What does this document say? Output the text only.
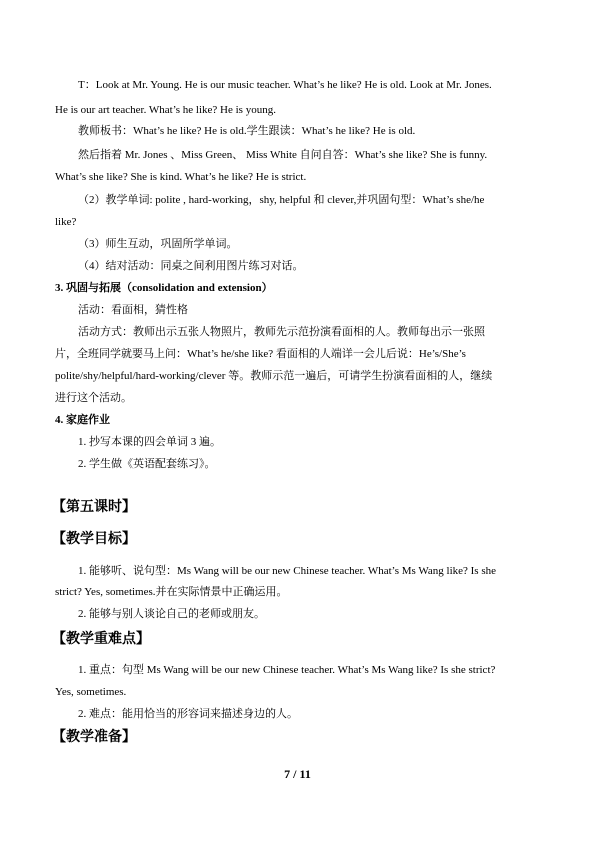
T：Look at Mr. Young. He is our music teacher. What’s he like? He is old. Look at Mr. Jones.
He is our art teacher. What’s he like? He is young.
教师板书：What’s he like? He is old.学生跟读：What’s he like? He is old.
然后指着 Mr. Jones 、Miss Green、 Miss White 自问自答：What’s she like? She is funny.
What’s she like? She is kind. What’s he like? He is strict.
（2）教学单词: polite , hard-working，shy, helpful 和 clever,并巩固句型：What’s she/he
like?
（3）师生互动，巩固所学单词。
（4）结对活动：同桌之间利用图片练习对话。
3. 巩固与拓展（consolidation and extension）
活动：看面相，猜性格
活动方式：教师出示五张人物照片，教师先示范扮演看面相的人。教师每出示一张照
片，全班同学就要马上问：What’s he/she like? 看面相的人端详一会儿后说：He’s/She’s
polite/shy/helpful/hard-working/clever 等。教师示范一遍后，可请学生扮演看面相的人，继续
进行这个活动。
4. 家庭作业
1. 抄写本课的四会单词 3 遍。
2. 学生做《英语配套练习》。
【第五课时】
【教学目标】
1. 能够听、说句型：Ms Wang will be our new Chinese teacher. What’s Ms Wang like? Is she
strict? Yes, sometimes.并在实际情景中正确运用。
2. 能够与别人谈论自己的老师或朋友。
【教学重难点】
1. 重点：句型 Ms Wang will be our new Chinese teacher. What’s Ms Wang like? Is she strict?
Yes, sometimes.
2. 难点：能用恰当的形容词来描述身边的人。
【教学准备】
7 / 11
